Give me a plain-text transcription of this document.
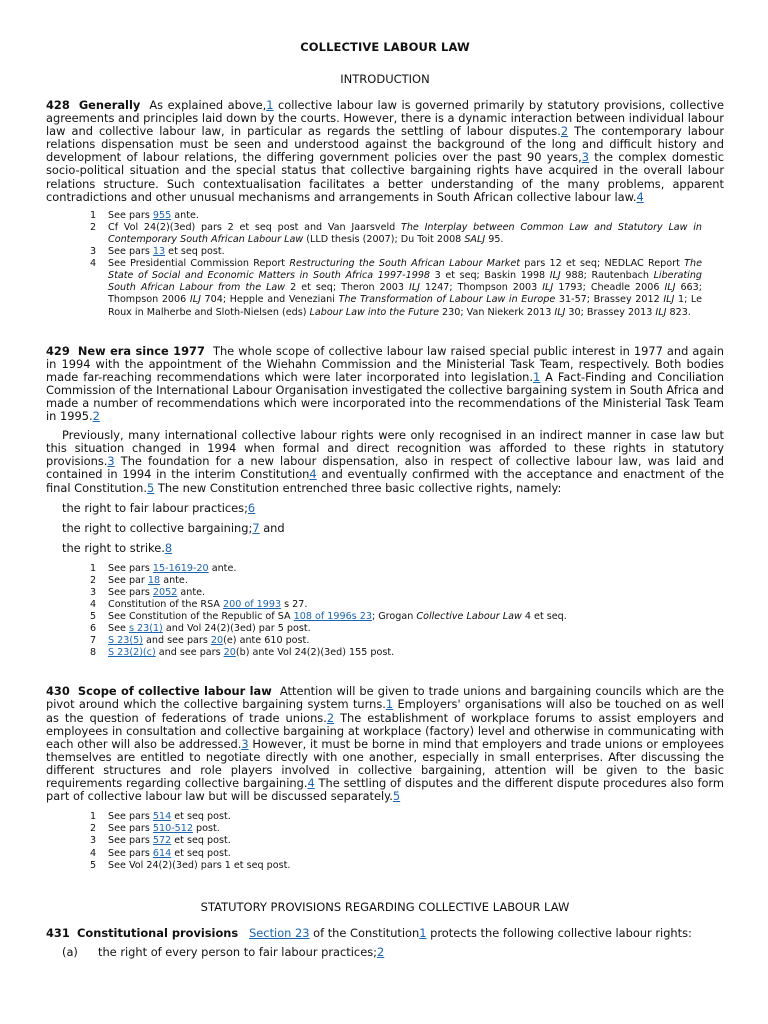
COLLECTIVE LABOUR LAW
INTRODUCTION

428 Generally As explained above,1 collective labour law is governed primarily by statutory provisions, collective agreements and principles laid down by the courts. However, there is a dynamic interaction between individual labour law and collective labour law, in particular as regards the settling of labour disputes.2 The contemporary labour relations dispensation must be seen and understood against the background of the long and difficult history and development of labour relations, the differing government policies over the past 90 years,3 the complex domestic socio-political situation and the special status that collective bargaining rights have acquired in the overall labour relations structure. Such contextualisation facilitates a better understanding of the many problems, apparent contradictions and other unusual mechanisms and arrangements in South African collective labour law.4

1	See pars 955 ante.
2	Cf Vol 24(2)(3ed) pars 2 et seq post and Van Jaarsveld The Interplay between Common Law and Statutory Law in Contemporary South African Labour Law (LLD thesis (2007); Du Toit 2008 SALJ 95.
3	See pars 13 et seq post.
4	See Presidential Commission Report Restructuring the South African Labour Market pars 12 et seq; NEDLAC Report The State of Social and Economic Matters in South Africa 1997-1998 3 et seq; Baskin 1998 ILJ 988; Rautenbach Liberating South African Labour from the Law 2 et seq; Theron 2003 ILJ 1247; Thompson 2003 ILJ 1793; Cheadle 2006 ILJ 663; Thompson 2006 ILJ 704; Hepple and Veneziani The Transformation of Labour Law in Europe 31-57; Brassey 2012 ILJ 1; Le Roux in Malherbe and Sloth-Nielsen (eds) Labour Law into the Future 230; Van Niekerk 2013 ILJ 30; Brassey 2013 ILJ 823.

429 New era since 1977 The whole scope of collective labour law raised special public interest in 1977 and again in 1994 with the appointment of the Wiehahn Commission and the Ministerial Task Team, respectively. Both bodies made far-reaching recommendations which were later incorporated into legislation.1 A Fact-Finding and Conciliation Commission of the International Labour Organisation investigated the collective bargaining system in South Africa and made a number of recommendations which were incorporated into the recommendations of the Ministerial Task Team in 1995.2

Previously, many international collective labour rights were only recognised in an indirect manner in case law but this situation changed in 1994 when formal and direct recognition was afforded to these rights in statutory provisions.3 The foundation for a new labour dispensation, also in respect of collective labour law, was laid and contained in 1994 in the interim Constitution4 and eventually confirmed with the acceptance and enactment of the final Constitution.5 The new Constitution entrenched three basic collective rights, namely:

the right to fair labour practices;6
the right to collective bargaining;7 and
the right to strike.8
1	See pars 15-1619-20 ante.
2	See par 18 ante.
3	See pars 2052 ante.
4	Constitution of the RSA 200 of 1993 s 27.
5	See Constitution of the Republic of SA 108 of 1996s 23; Grogan Collective Labour Law 4 et seq.
6	See s 23(1) and Vol 24(2)(3ed) par 5 post.
7	S 23(5) and see pars 20(e) ante 610 post.
8	S 23(2)(c) and see pars 20(b) ante Vol 24(2)(3ed) 155 post.

430 Scope of collective labour law Attention will be given to trade unions and bargaining councils which are the pivot around which the collective bargaining system turns.1 Employers' organisations will also be touched on as well as the question of federations of trade unions.2 The establishment of workplace forums to assist employers and employees in consultation and collective bargaining at workplace (factory) level and otherwise in communicating with each other will also be addressed.3 However, it must be borne in mind that employers and trade unions or employees themselves are entitled to negotiate directly with one another, especially in small enterprises. After discussing the different structures and role players involved in collective bargaining, attention will be given to the basic requirements regarding collective bargaining.4 The settling of disputes and the different dispute procedures also form part of collective labour law but will be discussed separately.5

1	See pars 514 et seq post.
2	See pars 510-512 post.
3	See pars 572 et seq post.
4	See pars 614 et seq post.
5	See Vol 24(2)(3ed) pars 1 et seq post.
STATUTORY PROVISIONS REGARDING COLLECTIVE LABOUR LAW

431 Constitutional provisions Section 23 of the Constitution1 protects the following collective labour rights:

(a)	the right of every person to fair labour practices;2
